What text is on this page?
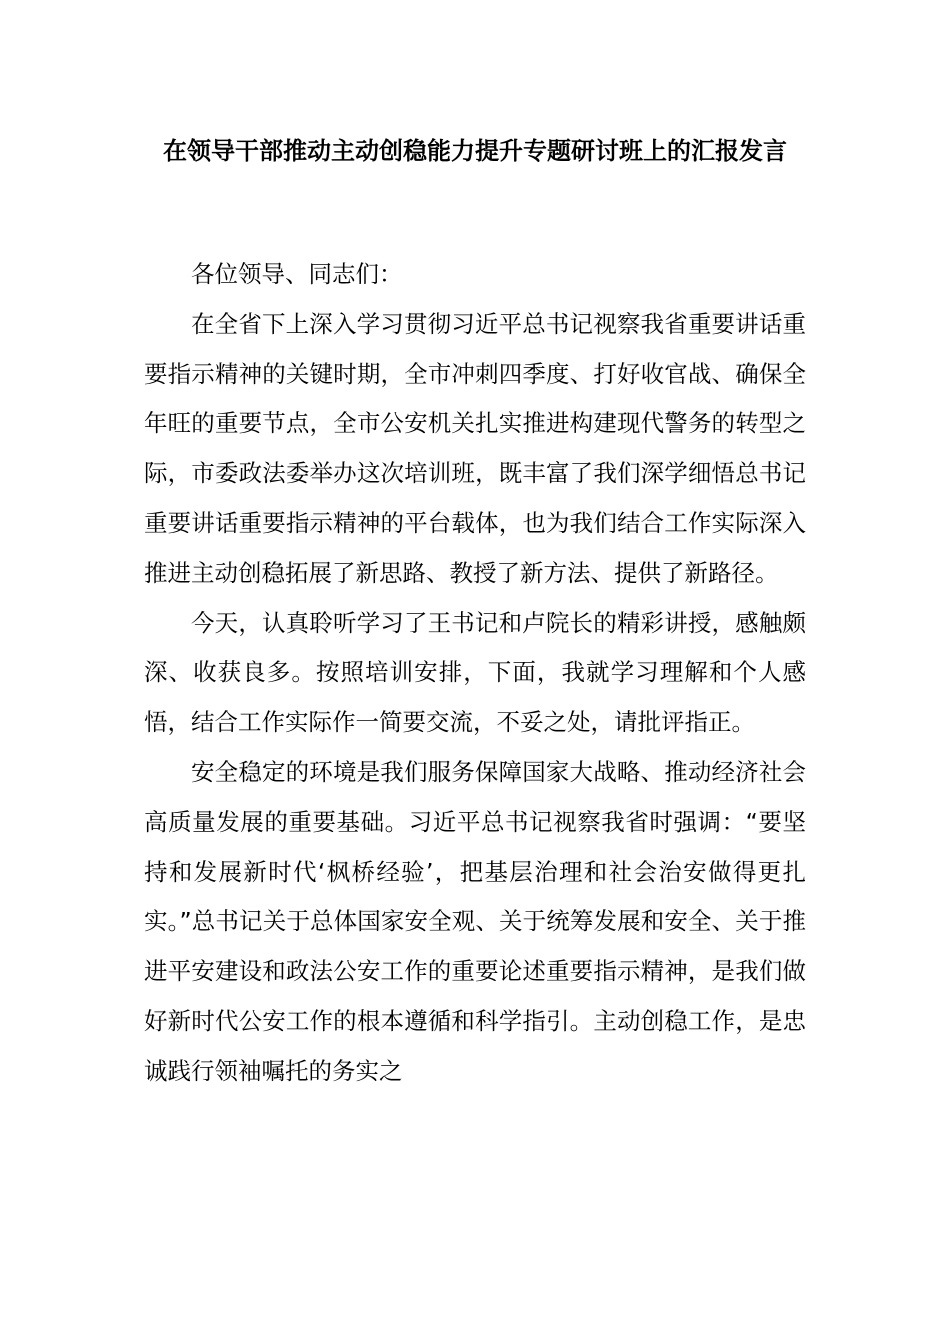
在领导干部推动主动创稳能力提升专题研讨班上的汇报发言

各位领导、同志们：

在全省下上深入学习贯彻习近平总书记视察我省重要讲话重要指示精神的关键时期，全市冲刺四季度、打好收官战、确保全年旺的重要节点，全市公安机关扎实推进构建现代警务的转型之际，市委政法委举办这次培训班，既丰富了我们深学细悟总书记重要讲话重要指示精神的平台载体，也为我们结合工作实际深入推进主动创稳拓展了新思路、教授了新方法、提供了新路径。

今天，认真聆听学习了王书记和卢院长的精彩讲授，感触颇深、收获良多。按照培训安排，下面，我就学习理解和个人感悟，结合工作实际作一简要交流，不妥之处，请批评指正。

安全稳定的环境是我们服务保障国家大战略、推动经济社会高质量发展的重要基础。习近平总书记视察我省时强调：“要坚持和发展新时代‘枫桥经验’，把基层治理和社会治安做得更扎实。”总书记关于总体国家安全观、关于统筹发展和安全、关于推进平安建设和政法公安工作的重要论述重要指示精神，是我们做好新时代公安工作的根本遵循和科学指引。主动创稳工作，是忠诚践行领袖嘱托的务实之
